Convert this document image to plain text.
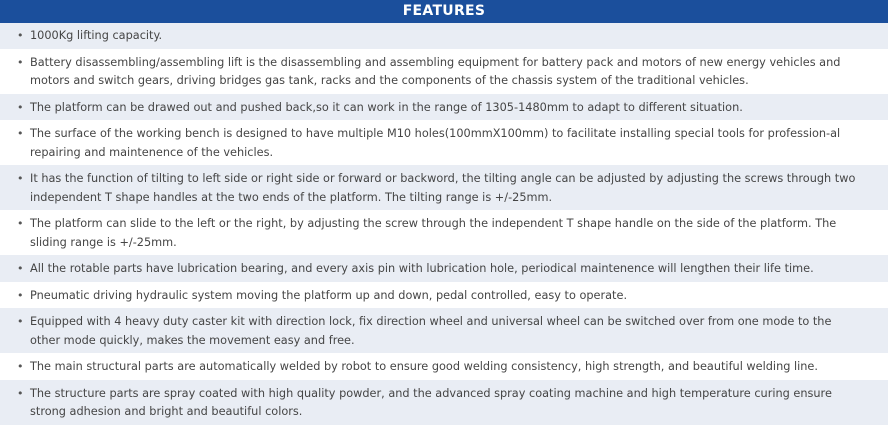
FEATURES
• 1000Kg lifting capacity.
• Battery disassembling/assembling lift is the disassembling and assembling equipment for battery pack and motors of new energy vehicles and motors and switch gears, driving bridges gas tank, racks and the components of the chassis system of the traditional vehicles.
• The platform can be drawed out and pushed back,so it can work in the range of 1305-1480mm to adapt to different situation.
• The surface of the working bench is designed to have multiple M10 holes(100mmX100mm) to facilitate installing special tools for profession-al repairing and maintenence of the vehicles.
• It has the function of tilting to left side or right side or forward or backword, the tilting angle can be adjusted by adjusting the screws through two independent T shape handles at the two ends of the platform. The tilting range is +/-25mm.
• The platform can slide to the left or the right, by adjusting the screw through the independent T shape handle on the side of the platform. The sliding range is +/-25mm.
• All the rotable parts have lubrication bearing, and every axis pin with lubrication hole, periodical maintenence will lengthen their life time.
• Pneumatic driving hydraulic system moving the platform up and down, pedal controlled, easy to operate.
• Equipped with 4 heavy duty caster kit with direction lock, fix direction wheel and universal wheel can be switched over from one mode to the other mode quickly, makes the movement easy and free.
• The main structural parts are automatically welded by robot to ensure good welding consistency, high strength, and beautiful welding line.
• The structure parts are spray coated with high quality powder, and the advanced spray coating machine and high temperature curing ensure strong adhesion and bright and beautiful colors.
